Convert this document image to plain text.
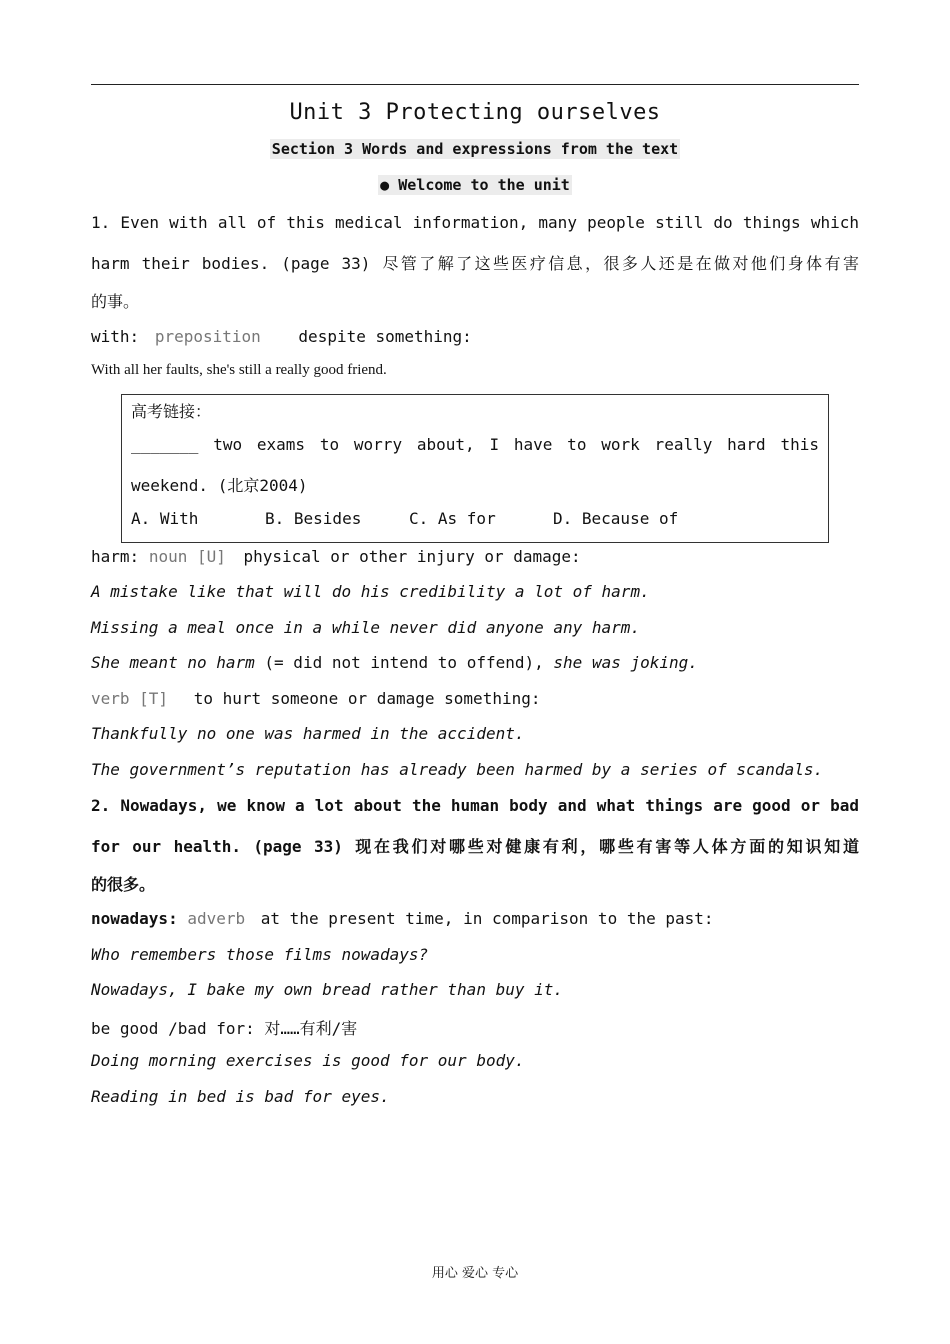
Unit 3 Protecting ourselves
Section 3 Words and expressions from the text
● Welcome to the unit
1. Even with all of this medical information, many people still do things which
harm their bodies. (page 33) 尽管了解了这些医疗信息，很多人还是在做对他们身体有害
的事。
with: preposition despite something:
With all her faults, she's still a really good friend.
高考链接：
_______ two exams to worry about, I have to work really hard this
weekend. (北京2004)
A. With	B. Besides	C. As for	D. Because of
harm: noun [U] physical or other injury or damage:
A mistake like that will do his credibility a lot of harm.
Missing a meal once in a while never did anyone any harm.
She meant no harm (= did not intend to offend), she was joking.
verb [T] to hurt someone or damage something:
Thankfully no one was harmed in the accident.
The government’s reputation has already been harmed by a series of scandals.
2. Nowadays, we know a lot about the human body and what things are good or bad
for our health. (page 33) 现在我们对哪些对健康有利，哪些有害等人体方面的知识知道
的很多。
nowadays: adverb at the present time, in comparison to the past:
Who remembers those films nowadays?
Nowadays, I bake my own bread rather than buy it.
be good /bad for: 对……有利/害
Doing morning exercises is good for our body.
Reading in bed is bad for eyes.
用心 爱心 专心
